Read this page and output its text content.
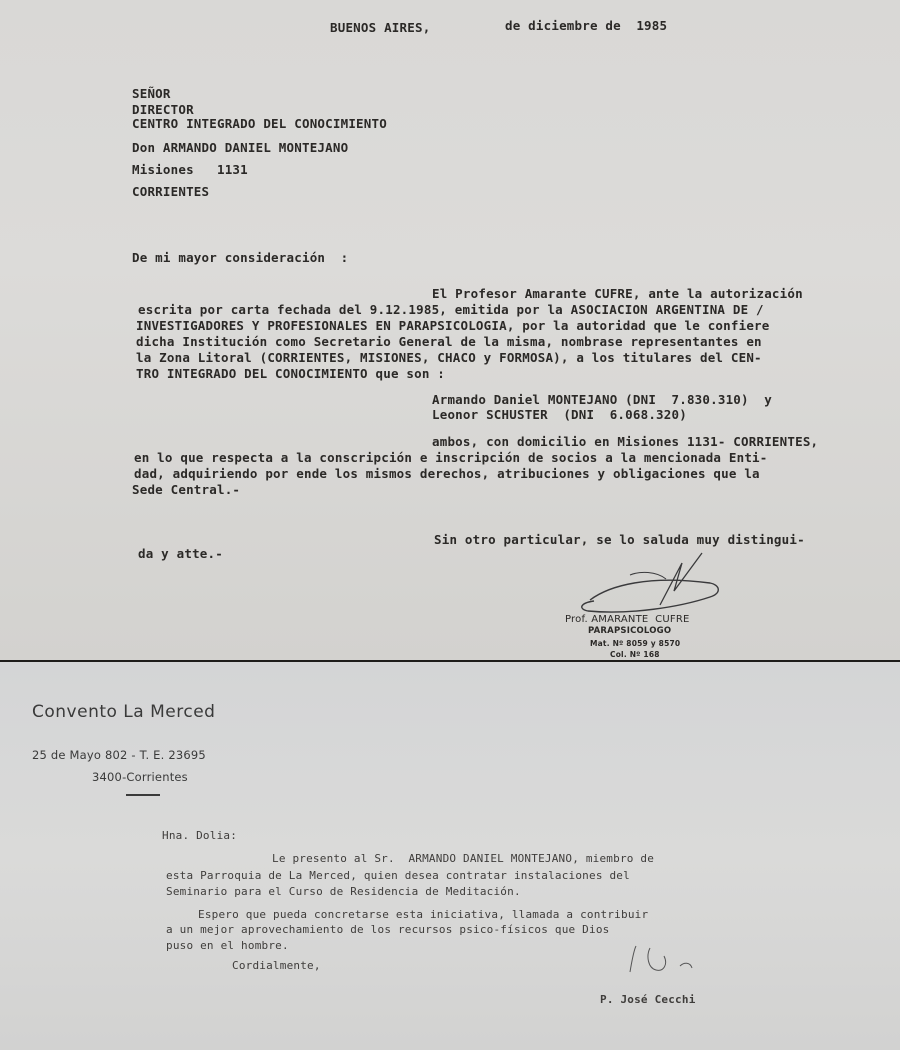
BUENOS AIRES,	de diciembre de  1985
SEÑOR
DIRECTOR
CENTRO INTEGRADO DEL CONOCIMIENTO
Don ARMANDO DANIEL MONTEJANO
Misiones   1131
CORRIENTES
De mi mayor consideración  :
El Profesor Amarante CUFRE, ante la autorización
escrita por carta fechada del 9.12.1985, emitida por la ASOCIACION ARGENTINA DE /
INVESTIGADORES Y PROFESIONALES EN PARAPSICOLOGIA, por la autoridad que le confiere
dicha Institución como Secretario General de la misma, nombrase representantes en
la Zona Litoral (CORRIENTES, MISIONES, CHACO y FORMOSA), a los titulares del CEN-
TRO INTEGRADO DEL CONOCIMIENTO que son :
Armando Daniel MONTEJANO (DNI  7.830.310)  y
Leonor SCHUSTER  (DNI  6.068.320)
ambos, con domicilio en Misiones 1131- CORRIENTES,
en lo que respecta a la conscripción e inscripción de socios a la mencionada Enti-
dad, adquiriendo por ende los mismos derechos, atribuciones y obligaciones que la
Sede Central.-
Sin otro particular, se lo saluda muy distingui-
da y atte.-
Prof. AMARANTE  CUFRE
PARAPSICOLOGO
Mat. Nº 8059 y 8570
Col. Nº 168
Convento La Merced
25 de Mayo 802 - T. E. 23695
3400-Corrientes
Hna. Dolia:
Le presento al Sr.  ARMANDO DANIEL MONTEJANO, miembro de
esta Parroquia de La Merced, quien desea contratar instalaciones del
Seminario para el Curso de Residencia de Meditación.
Espero que pueda concretarse esta iniciativa, llamada a contribuir
a un mejor aprovechamiento de los recursos psico-físicos que Dios
puso en el hombre.
Cordialmente,
P. José Cecchi
